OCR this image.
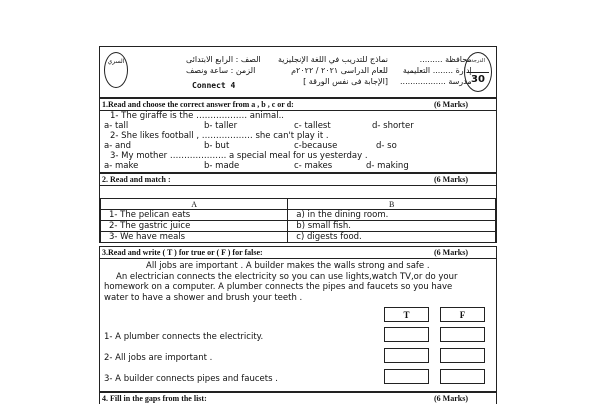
السري	الصف : الرابع الابتدائى
الزمن : ساعة ونصف
Connect 4
نماذج للتدريب في اللغة الإنجليزية
للعام الدراسى ٢٠٢١ / ٢٠٢٢م
[الإجابة فى نفس الورقة ]
محافظة .........
إدارة ........ التعليمية
مدرسة ..................
الدرجة
30
1.Read and choose the correct answer from a , b , c or d:	(6 Marks)
1- The giraffe is the ……………… animal..
a- tall	b- taller	c- tallest	d- shorter
2- She likes football , ……………… she can't play it .
a- and	b- but	c-because	d- so
3- My mother ……………….. a special meal for us yesterday .
a- make	b- made	c- makes	d- making
2. Read and match :	(6 Marks)
A	B
1- The pelican eats	a) in the dining room.
2- The gastric juice	b) small fish.
3- We have meals	c) digests food.
3.Read and write ( T ) for true or ( F ) for false:	(6 Marks)
All jobs are important . A builder makes the walls strong and safe .
An electrician connects the electricity so you can use lights,watch TV,or do your
homework on a computer. A plumber connects the pipes and faucets so you have
water to have a shower and brush your teeth .
T	F
1- A plumber connects the electricity.
2- All jobs are important .
3- A builder connects pipes and faucets .
4. Fill in the gaps from the list:	(6 Marks)
